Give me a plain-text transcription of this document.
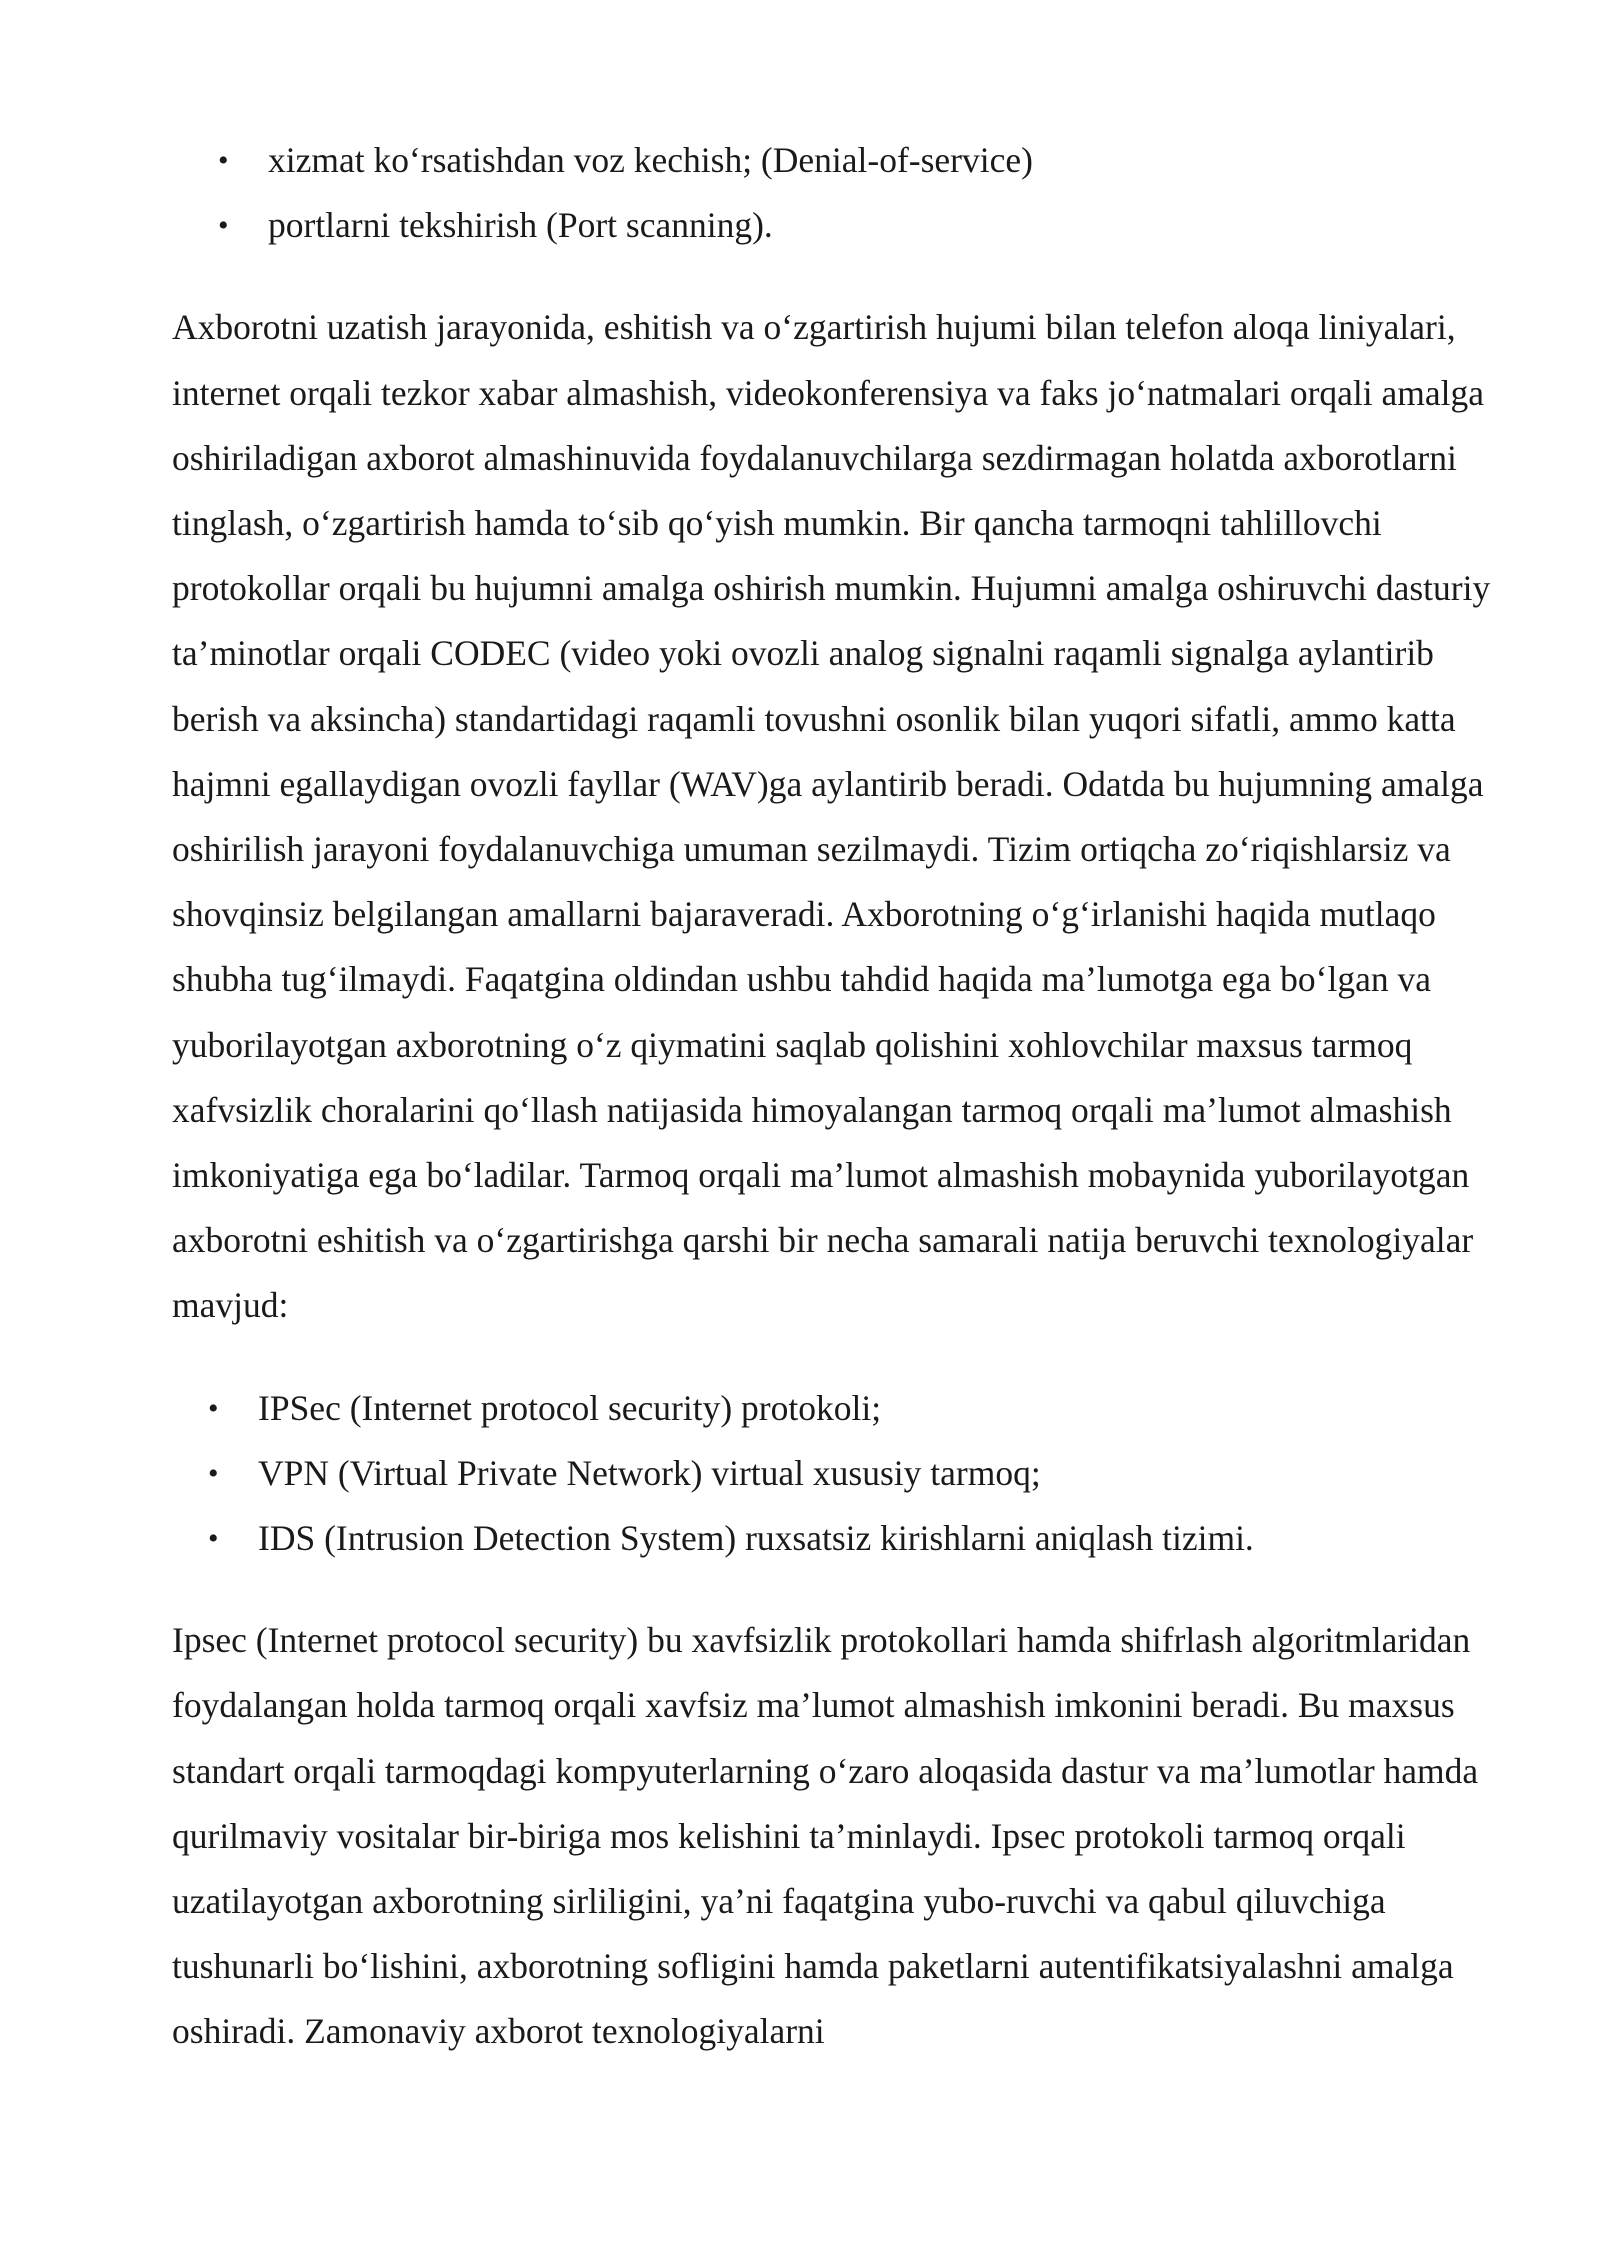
• xizmat ko‘rsatishdan voz kechish; (Denial-of-service)
• portlarni tekshirish (Port scanning).

Axborotni uzatish jarayonida, eshitish va o‘zgartirish hujumi bilan telefon aloqa liniyalari, internet orqali tezkor xabar almashish, videokonferensiya va faks jo‘natmalari orqali amalga oshiriladigan axborot almashinuvida foydalanuvchilarga sezdirmagan holatda axborotlarni tinglash, o‘zgartirish hamda to‘sib qo‘yish mumkin. Bir qancha tarmoqni tahlillovchi protokollar orqali bu hujumni amalga oshirish mumkin. Hujumni amalga oshiruvchi dasturiy ta’minotlar orqali CODEC (video yoki ovozli analog signalni raqamli signalga aylantirib berish va aksincha) standartidagi raqamli tovushni osonlik bilan yuqori sifatli, ammo katta hajmni egallaydigan ovozli fayllar (WAV)ga aylantirib beradi. Odatda bu hujumning amalga oshirilish jarayoni foydalanuvchiga umuman sezilmaydi. Tizim ortiqcha zo‘riqishlarsiz va shovqinsiz belgilangan amallarni bajaraveradi. Axborotning o‘g‘irlanishi haqida mutlaqo shubha tug‘ilmaydi. Faqatgina oldindan ushbu tahdid haqida ma’lumotga ega bo‘lgan va yuborilayotgan axborotning o‘z qiymatini saqlab qolishini xohlovchilar maxsus tarmoq xafvsizlik choralarini qo‘llash natijasida himoyalangan tarmoq orqali ma’lumot almashish imkoniyatiga ega bo‘ladilar. Tarmoq orqali ma’lumot almashish mobaynida yuborilayotgan axborotni eshitish va o‘zgartirishga qarshi bir necha samarali natija beruvchi texnologiyalar mavjud:

• IPSec (Internet protocol security) protokoli;
• VPN (Virtual Private Network) virtual xususiy tarmoq;
• IDS (Intrusion Detection System) ruxsatsiz kirishlarni aniqlash tizimi.

Ipsec (Internet protocol security) bu xavfsizlik protokollari hamda shifrlash algoritmlaridan foydalangan holda tarmoq orqali xavfsiz ma’lumot almashish imkonini beradi. Bu maxsus standart orqali tarmoqdagi kompyuterlarning o‘zaro aloqasida dastur va ma’lumotlar hamda qurilmaviy vositalar bir-biriga mos kelishini ta’minlaydi. Ipsec protokoli tarmoq orqali uzatilayotgan axborotning sirliligini, ya’ni faqatgina yubo-ruvchi va qabul qiluvchiga tushunarli bo‘lishini, axborotning sofligini hamda paketlarni autentifikatsiyalashni amalga oshiradi. Zamonaviy axborot texnologiyalarni
